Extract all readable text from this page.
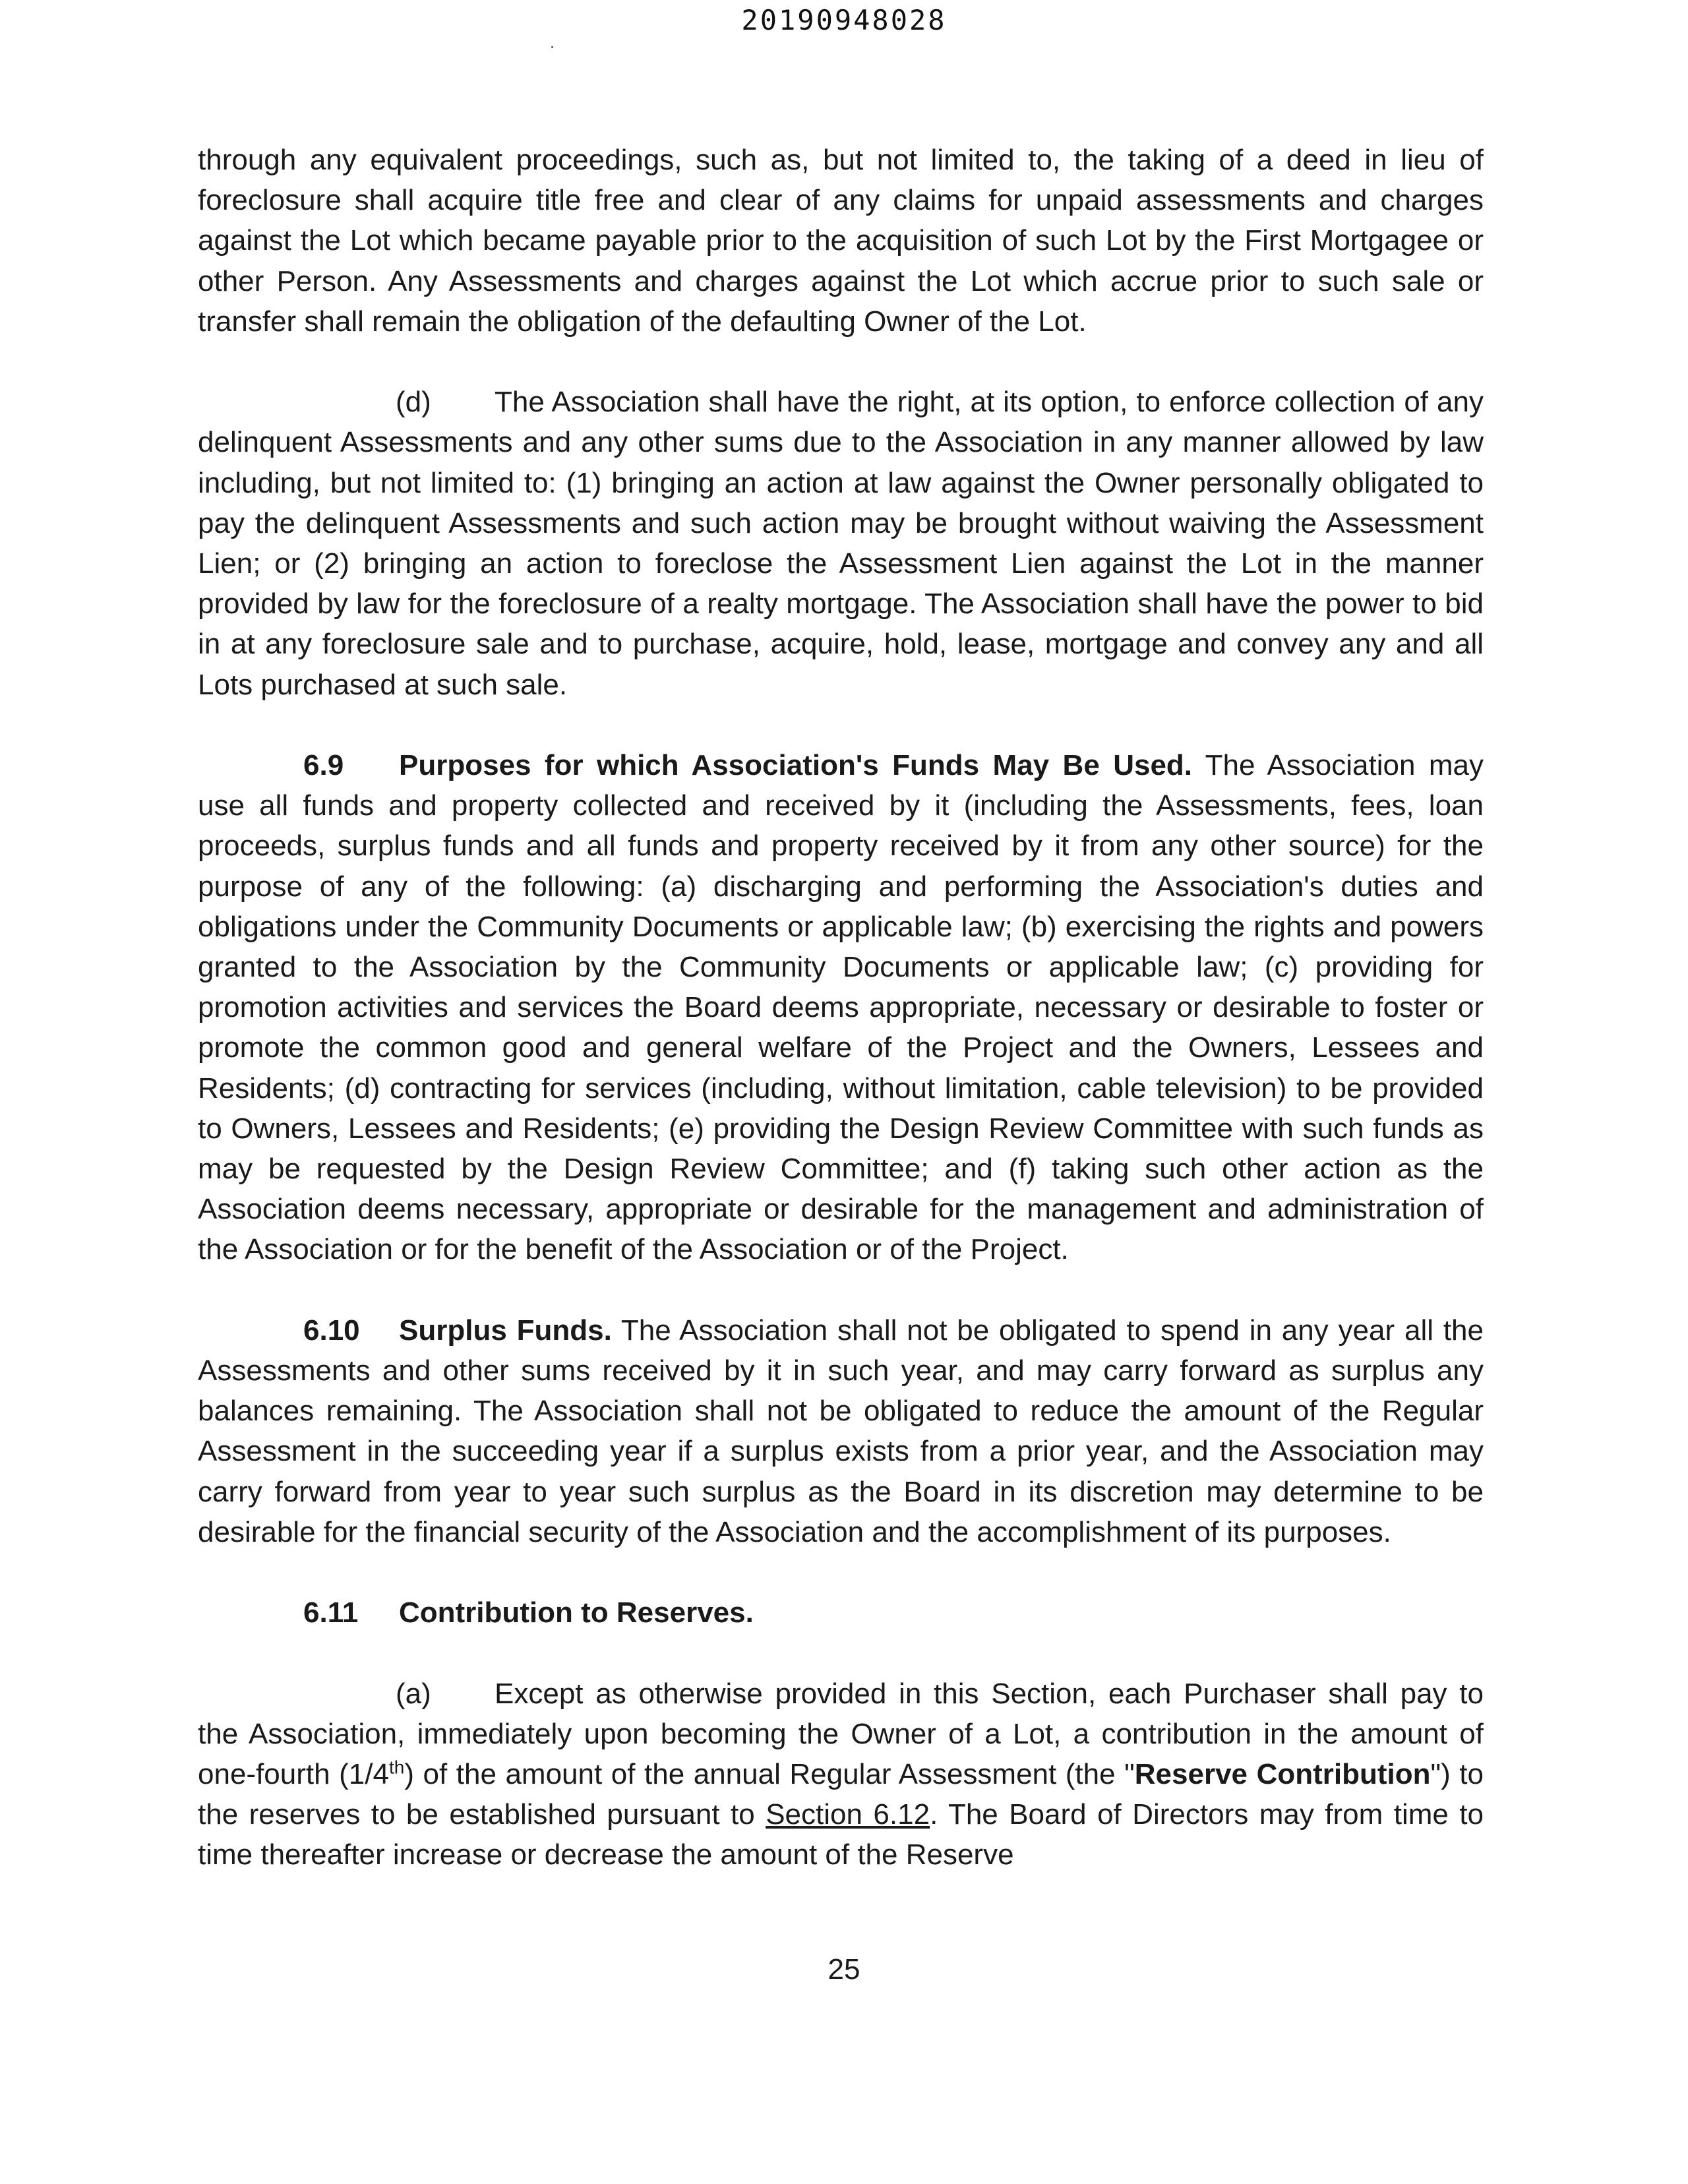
20190948028

through any equivalent proceedings, such as, but not limited to, the taking of a deed in lieu of foreclosure shall acquire title free and clear of any claims for unpaid assessments and charges against the Lot which became payable prior to the acquisition of such Lot by the First Mortgagee or other Person. Any Assessments and charges against the Lot which accrue prior to such sale or transfer shall remain the obligation of the defaulting Owner of the Lot.

(d) The Association shall have the right, at its option, to enforce collection of any delinquent Assessments and any other sums due to the Association in any manner allowed by law including, but not limited to: (1) bringing an action at law against the Owner personally obligated to pay the delinquent Assessments and such action may be brought without waiving the Assessment Lien; or (2) bringing an action to foreclose the Assessment Lien against the Lot in the manner provided by law for the foreclosure of a realty mortgage. The Association shall have the power to bid in at any foreclosure sale and to purchase, acquire, hold, lease, mortgage and convey any and all Lots purchased at such sale.

6.9 Purposes for which Association's Funds May Be Used. The Association may use all funds and property collected and received by it (including the Assessments, fees, loan proceeds, surplus funds and all funds and property received by it from any other source) for the purpose of any of the following: (a) discharging and performing the Association's duties and obligations under the Community Documents or applicable law; (b) exercising the rights and powers granted to the Association by the Community Documents or applicable law; (c) providing for promotion activities and services the Board deems appropriate, necessary or desirable to foster or promote the common good and general welfare of the Project and the Owners, Lessees and Residents; (d) contracting for services (including, without limitation, cable television) to be provided to Owners, Lessees and Residents; (e) providing the Design Review Committee with such funds as may be requested by the Design Review Committee; and (f) taking such other action as the Association deems necessary, appropriate or desirable for the management and administration of the Association or for the benefit of the Association or of the Project.

6.10 Surplus Funds. The Association shall not be obligated to spend in any year all the Assessments and other sums received by it in such year, and may carry forward as surplus any balances remaining. The Association shall not be obligated to reduce the amount of the Regular Assessment in the succeeding year if a surplus exists from a prior year, and the Association may carry forward from year to year such surplus as the Board in its discretion may determine to be desirable for the financial security of the Association and the accomplishment of its purposes.

6.11 Contribution to Reserves.

(a) Except as otherwise provided in this Section, each Purchaser shall pay to the Association, immediately upon becoming the Owner of a Lot, a contribution in the amount of one-fourth (1/4th) of the amount of the annual Regular Assessment (the "Reserve Contribution") to the reserves to be established pursuant to Section 6.12. The Board of Directors may from time to time thereafter increase or decrease the amount of the Reserve

25
